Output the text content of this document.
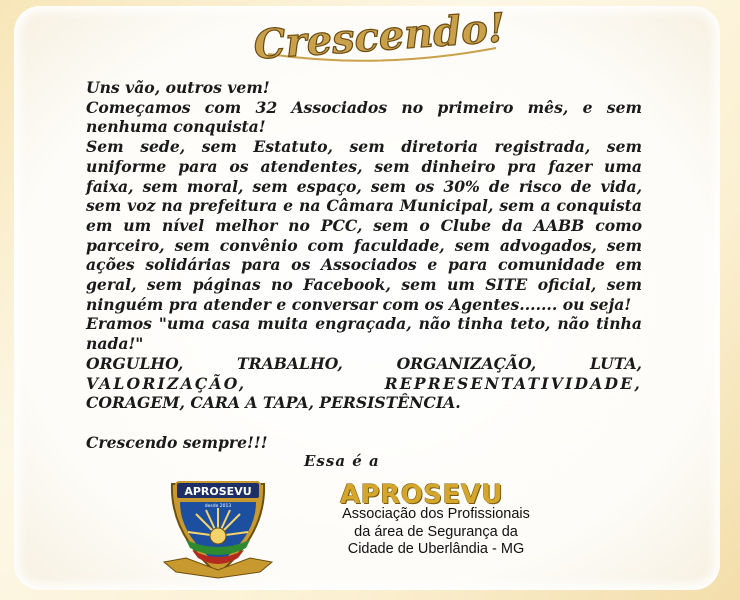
Crescendo!

Uns vão, outros vem!

Começamos com 32 Associados no primeiro mês, e sem nenhuma conquista!

Sem sede, sem Estatuto, sem diretoria registrada, sem uniforme para os atendentes, sem dinheiro pra fazer uma faixa, sem moral, sem espaço, sem os 30% de risco de vida, sem voz na prefeitura e na Câmara Municipal, sem a conquista em um nível melhor no PCC, sem o Clube da AABB como parceiro, sem convênio com faculdade, sem advogados, sem ações solidárias para os Associados e para comunidade em geral, sem páginas no Facebook, sem um SITE oficial, sem ninguém pra atender e conversar com os Agentes....... ou seja!

Eramos "uma casa muita engraçada, não tinha teto, não tinha nada!"

ORGULHO, TRABALHO, ORGANIZAÇÃO, LUTA,

VALORIZAÇÃO, REPRESENTATIVIDADE,

CORAGEM, CARA A TAPA, PERSISTÊNCIA.

Crescendo sempre!!!

Essa é a
APROSEVU
desde 2013	APROSEVU
Associação dos Profissionais
da área de Segurança da
Cidade de Uberlândia - MG
